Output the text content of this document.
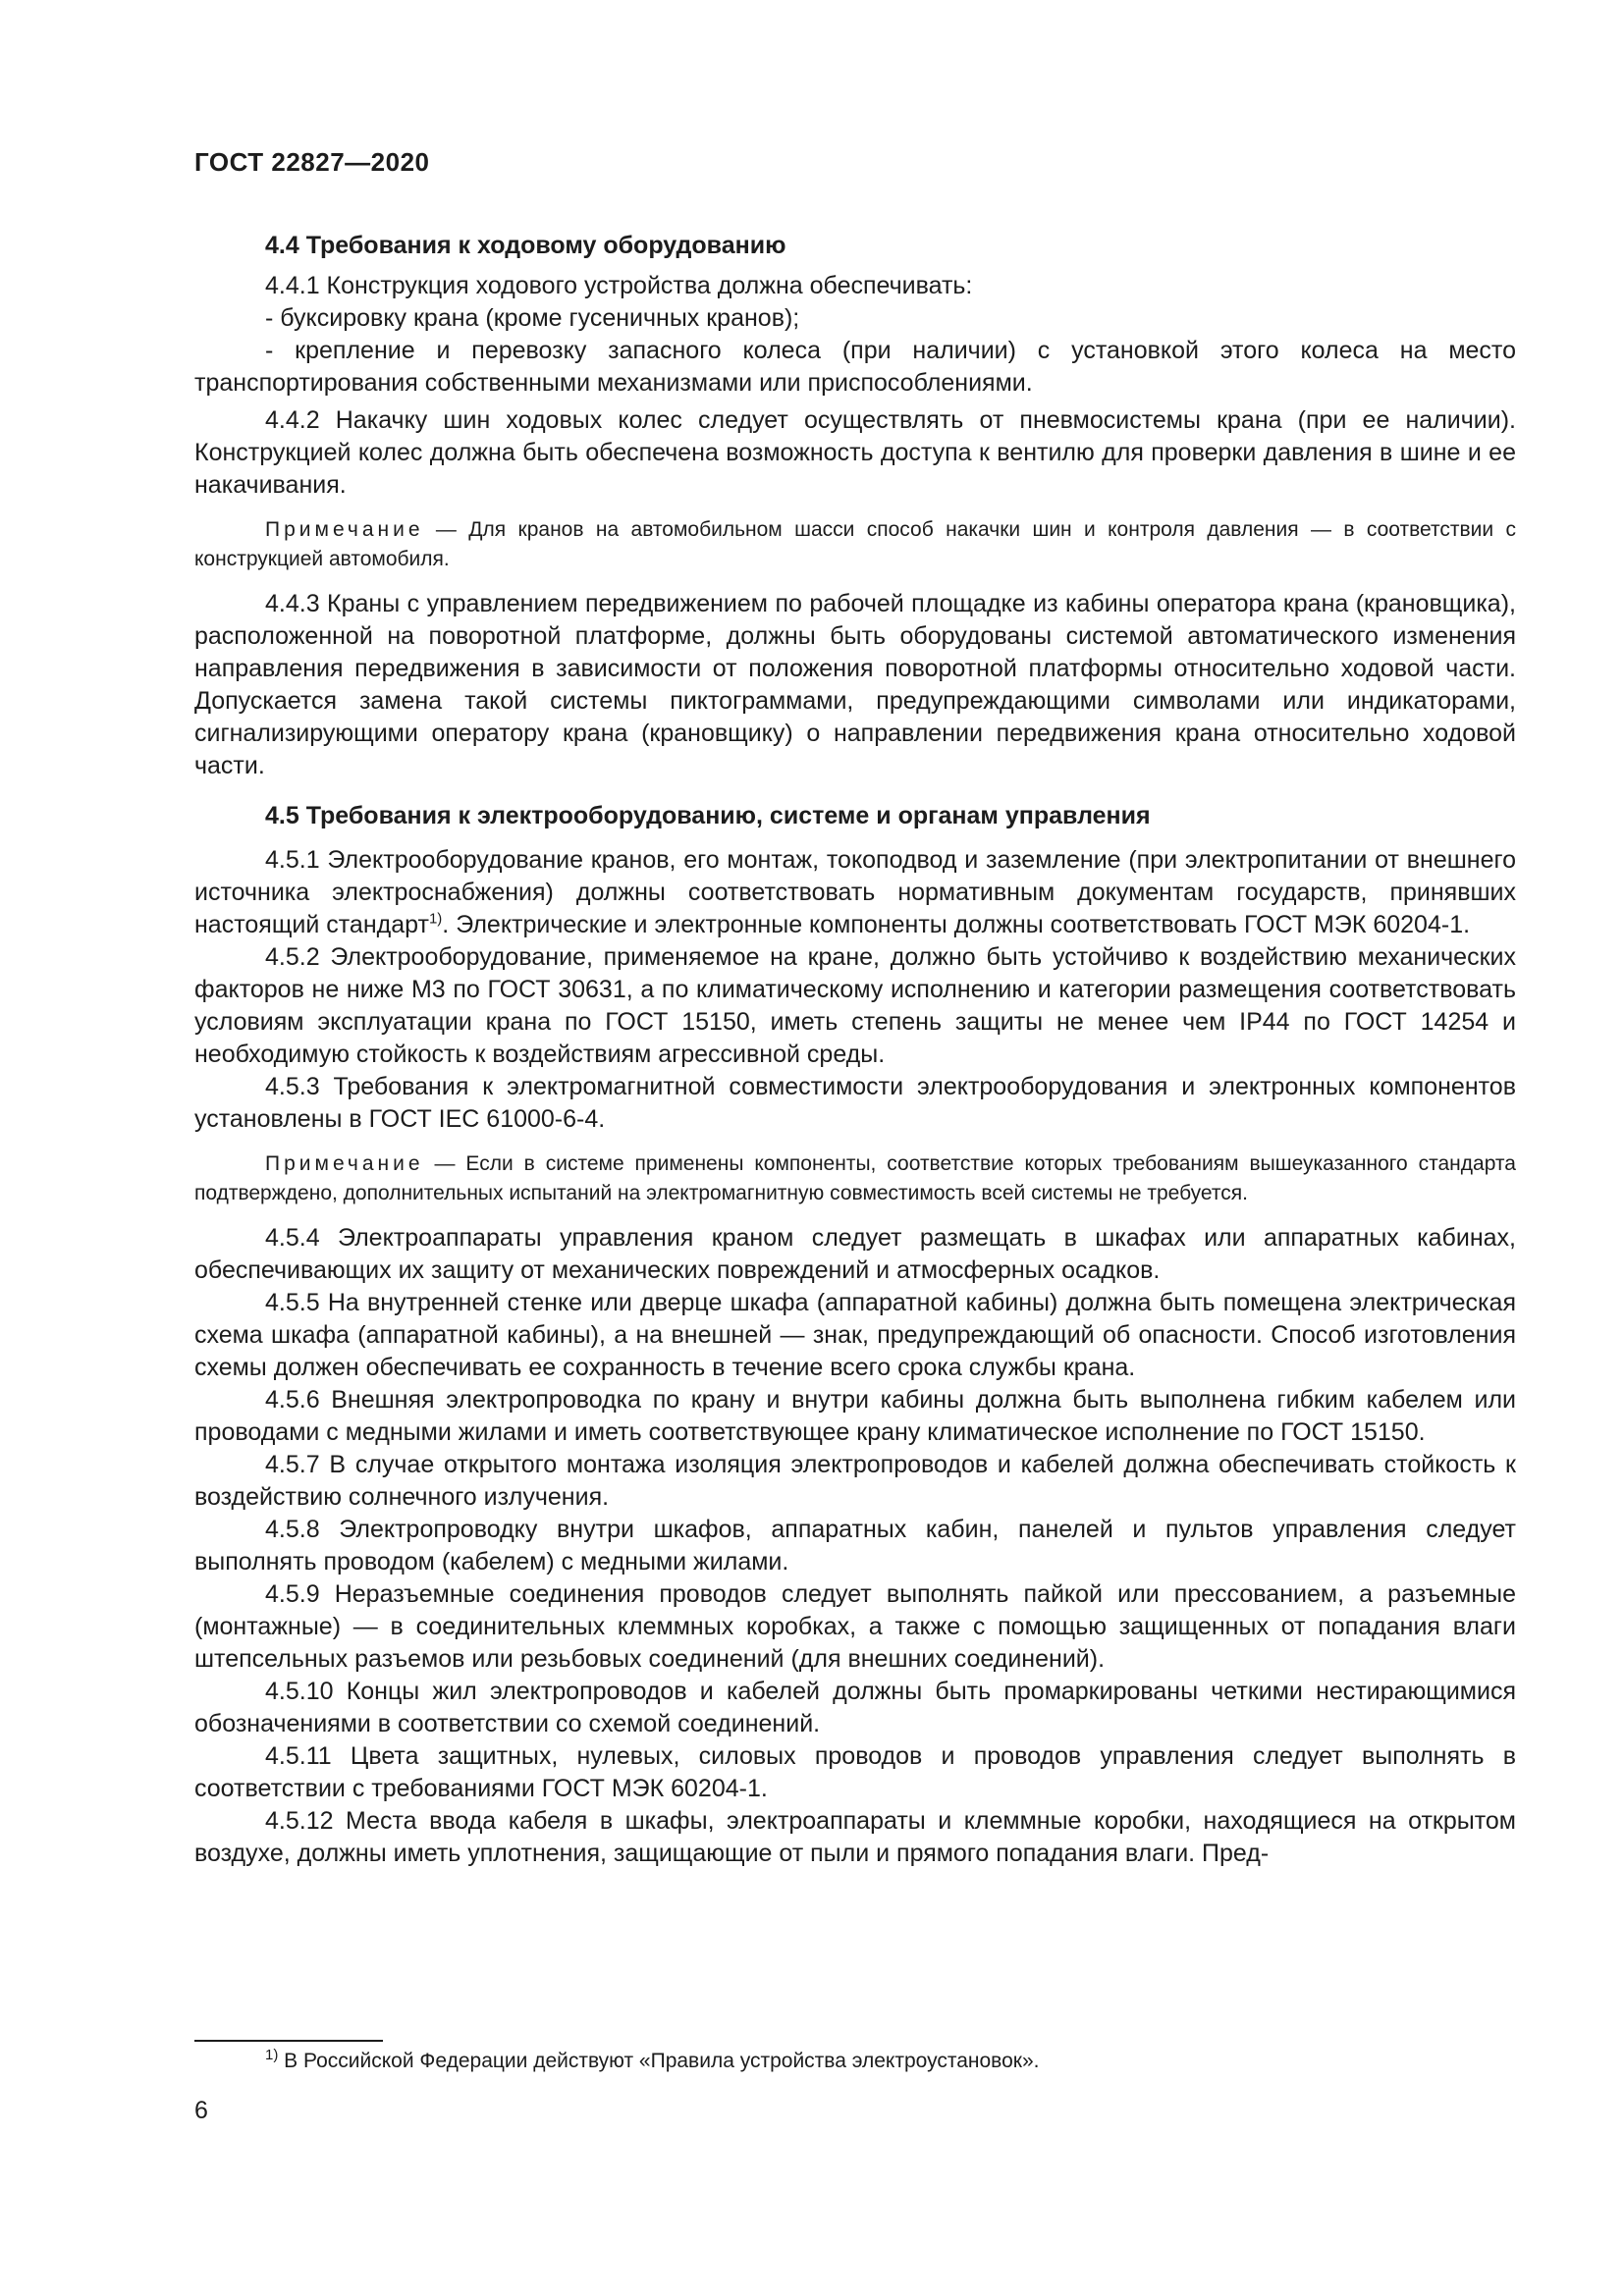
ГОСТ 22827—2020

4.4 Требования к ходовому оборудованию

4.4.1 Конструкция ходового устройства должна обеспечивать:

- буксировку крана (кроме гусеничных кранов);

- крепление и перевозку запасного колеса (при наличии) с установкой этого колеса на место транспортирования собственными механизмами или приспособлениями.

4.4.2 Накачку шин ходовых колес следует осуществлять от пневмосистемы крана (при ее наличии). Конструкцией колес должна быть обеспечена возможность доступа к вентилю для проверки давления в шине и ее накачивания.

Примечание — Для кранов на автомобильном шасси способ накачки шин и контроля давления — в соответствии с конструкцией автомобиля.

4.4.3 Краны с управлением передвижением по рабочей площадке из кабины оператора крана (крановщика), расположенной на поворотной платформе, должны быть оборудованы системой автоматического изменения направления передвижения в зависимости от положения поворотной платформы относительно ходовой части. Допускается замена такой системы пиктограммами, предупреждающими символами или индикаторами, сигнализирующими оператору крана (крановщику) о направлении передвижения крана относительно ходовой части.

4.5 Требования к электрооборудованию, системе и органам управления

4.5.1 Электрооборудование кранов, его монтаж, токоподвод и заземление (при электропитании от внешнего источника электроснабжения) должны соответствовать нормативным документам государств, принявших настоящий стандарт$^{1)}$. Электрические и электронные компоненты должны соответствовать ГОСТ МЭК 60204-1.

4.5.2 Электрооборудование, применяемое на кране, должно быть устойчиво к воздействию механических факторов не ниже М3 по ГОСТ 30631, а по климатическому исполнению и категории размещения соответствовать условиям эксплуатации крана по ГОСТ 15150, иметь степень защиты не менее чем IP44 по ГОСТ 14254 и необходимую стойкость к воздействиям агрессивной среды.

4.5.3 Требования к электромагнитной совместимости электрооборудования и электронных компонентов установлены в ГОСТ IEC 61000-6-4.

Примечание — Если в системе применены компоненты, соответствие которых требованиям вышеуказанного стандарта подтверждено, дополнительных испытаний на электромагнитную совместимость всей системы не требуется.

4.5.4 Электроаппараты управления краном следует размещать в шкафах или аппаратных кабинах, обеспечивающих их защиту от механических повреждений и атмосферных осадков.

4.5.5 На внутренней стенке или дверце шкафа (аппаратной кабины) должна быть помещена электрическая схема шкафа (аппаратной кабины), а на внешней — знак, предупреждающий об опасности. Способ изготовления схемы должен обеспечивать ее сохранность в течение всего срока службы крана.

4.5.6 Внешняя электропроводка по крану и внутри кабины должна быть выполнена гибким кабелем или проводами с медными жилами и иметь соответствующее крану климатическое исполнение по ГОСТ 15150.

4.5.7 В случае открытого монтажа изоляция электропроводов и кабелей должна обеспечивать стойкость к воздействию солнечного излучения.

4.5.8 Электропроводку внутри шкафов, аппаратных кабин, панелей и пультов управления следует выполнять проводом (кабелем) с медными жилами.

4.5.9 Неразъемные соединения проводов следует выполнять пайкой или прессованием, а разъемные (монтажные) — в соединительных клеммных коробках, а также с помощью защищенных от попадания влаги штепсельных разъемов или резьбовых соединений (для внешних соединений).

4.5.10 Концы жил электропроводов и кабелей должны быть промаркированы четкими нестирающимися обозначениями в соответствии со схемой соединений.

4.5.11 Цвета защитных, нулевых, силовых проводов и проводов управления следует выполнять в соответствии с требованиями ГОСТ МЭК 60204-1.

4.5.12 Места ввода кабеля в шкафы, электроаппараты и клеммные коробки, находящиеся на открытом воздухе, должны иметь уплотнения, защищающие от пыли и прямого попадания влаги. Пред-

$^{1)}$ В Российской Федерации действуют «Правила устройства электроустановок».

6
